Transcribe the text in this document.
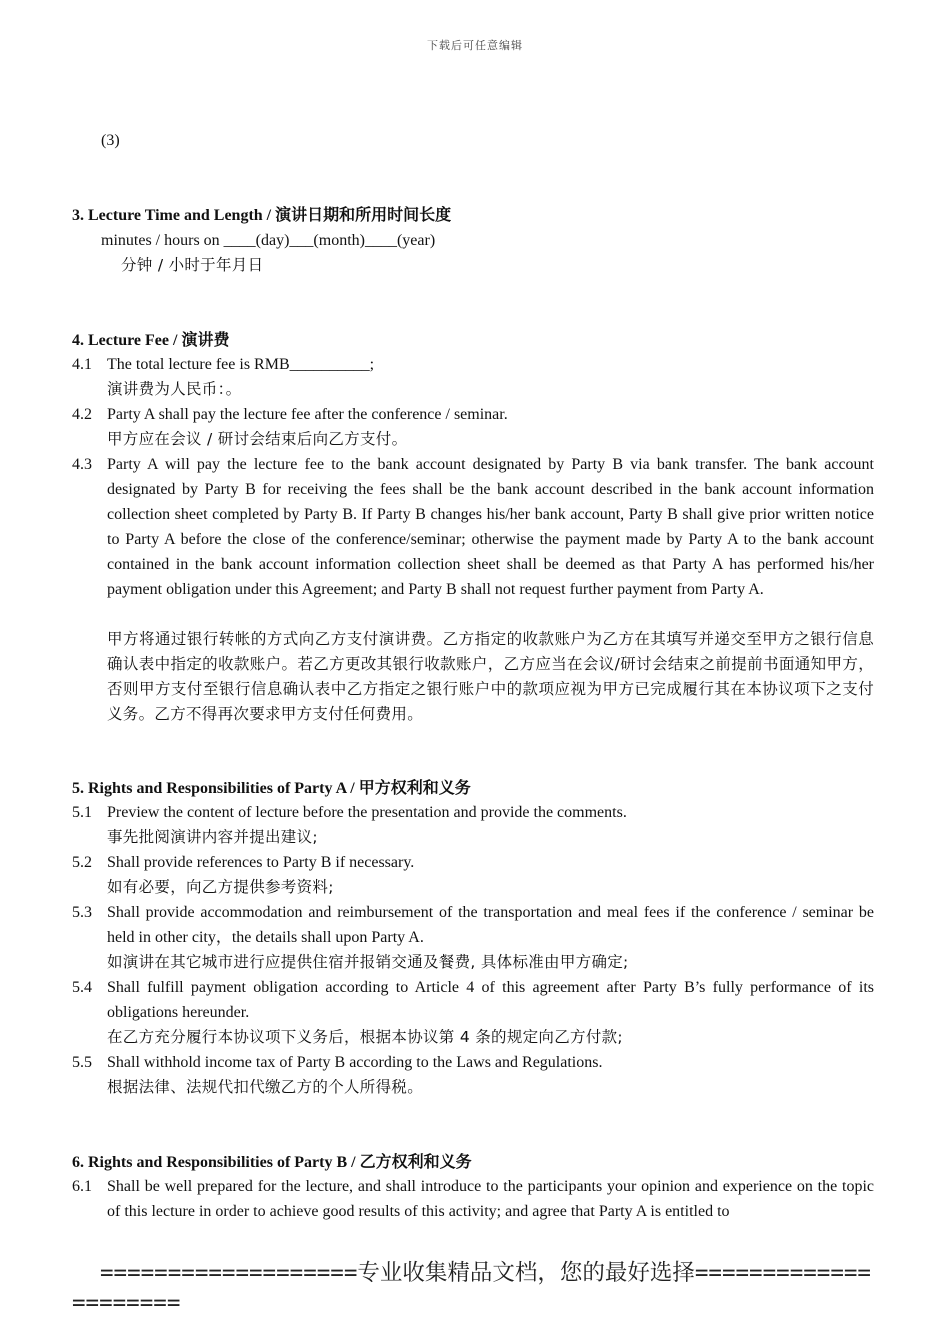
下载后可任意编辑
(3)
3. Lecture Time and Length / 演讲日期和所用时间长度
minutes / hours on ____(day)___(month)____(year)
分钟 / 小时于年月日
4. Lecture Fee / 演讲费
4.1 The total lecture fee is RMB__________;
演讲费为人民币：。
4.2 Party A shall pay the lecture fee after the conference / seminar.
甲方应在会议 / 研讨会结束后向乙方支付。
4.3 Party A will pay the lecture fee to the bank account designated by Party B via bank transfer. The bank account designated by Party B for receiving the fees shall be the bank account described in the bank account information collection sheet completed by Party B. If Party B changes his/her bank account, Party B shall give prior written notice to Party A before the close of the conference/seminar; otherwise the payment made by Party A to the bank account contained in the bank account information collection sheet shall be deemed as that Party A has performed his/her payment obligation under this Agreement; and Party B shall not request further payment from Party A.
甲方将通过银行转帐的方式向乙方支付演讲费。乙方指定的收款账户为乙方在其填写并递交至甲方之银行信息确认表中指定的收款账户。若乙方更改其银行收款账户，乙方应当在会议/研讨会结束之前提前书面通知甲方，否则甲方支付至银行信息确认表中乙方指定之银行账户中的款项应视为甲方已完成履行其在本协议项下之支付义务。乙方不得再次要求甲方支付任何费用。
5. Rights and Responsibilities of Party A / 甲方权利和义务
5.1 Preview the content of lecture before the presentation and provide the comments.
事先批阅演讲内容并提出建议;
5.2 Shall provide references to Party B if necessary.
如有必要，向乙方提供参考资料;
5.3 Shall provide accommodation and reimbursement of the transportation and meal fees if the conference / seminar be held in other city，the details shall upon Party A.
如演讲在其它城市进行应提供住宿并报销交通及餐费, 具体标准由甲方确定;
5.4 Shall fulfill payment obligation according to Article 4 of this agreement after Party B’s fully performance of its obligations hereunder.
在乙方充分履行本协议项下义务后，根据本协议第 4 条的规定向乙方付款;
5.5 Shall withhold income tax of Party B according to the Laws and Regulations.
根据法律、法规代扣代缴乙方的个人所得税。
6. Rights and Responsibilities of Party B / 乙方权利和义务
6.1 Shall be well prepared for the lecture, and shall introduce to the participants your opinion and experience on the topic of this lecture in order to achieve good results of this activity; and agree that Party A is entitled to
===================专业收集精品文档，您的最好选择=====================
